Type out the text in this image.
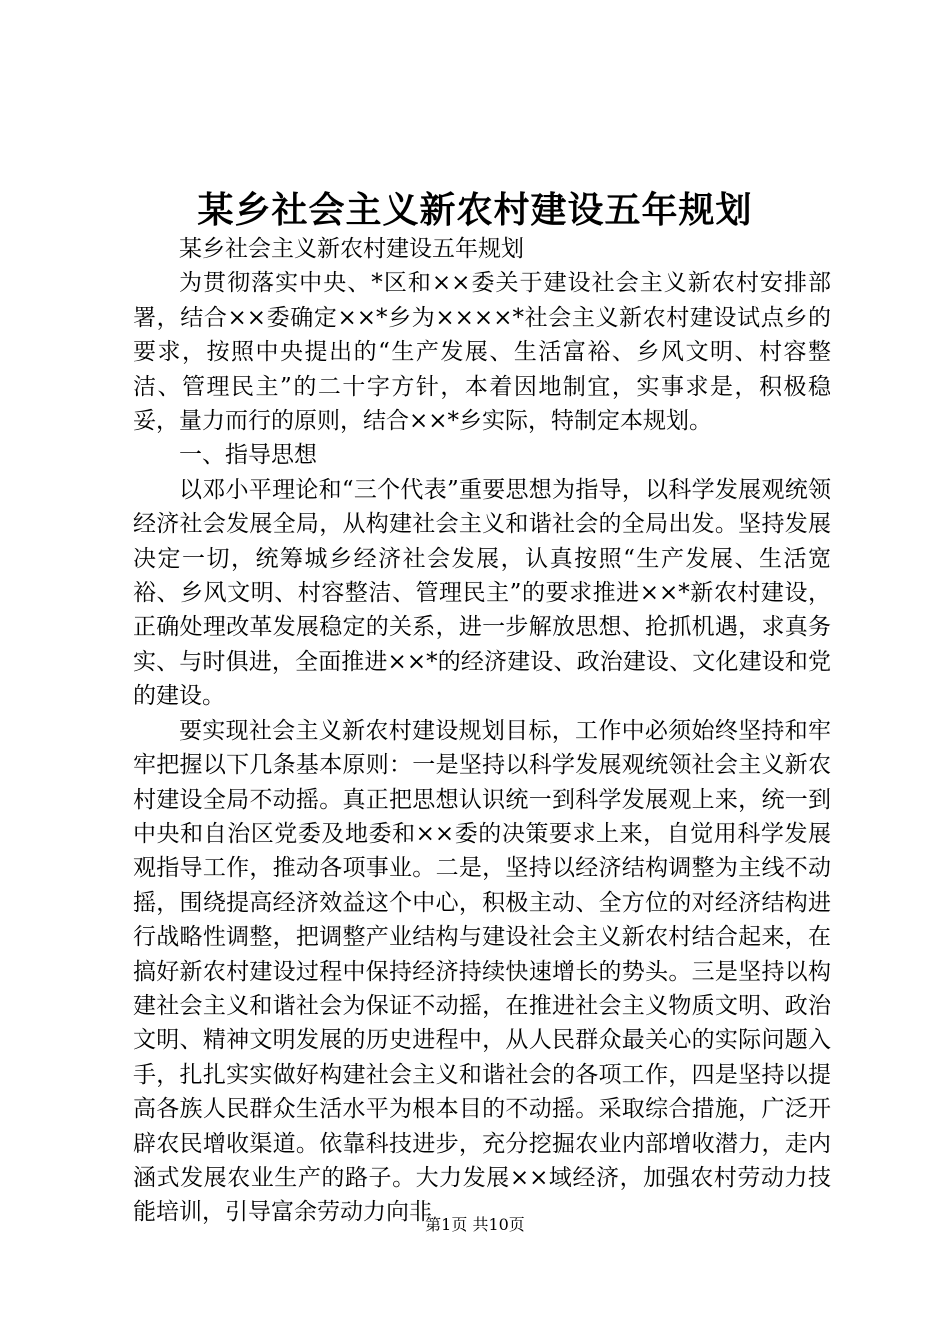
某乡社会主义新农村建设五年规划

某乡社会主义新农村建设五年规划

为贯彻落实中央、*区和××委关于建设社会主义新农村安排部署，结合××委确定××*乡为××××*社会主义新农村建设试点乡的要求，按照中央提出的“生产发展、生活富裕、乡风文明、村容整洁、管理民主”的二十字方针，本着因地制宜，实事求是，积极稳妥，量力而行的原则，结合××*乡实际，特制定本规划。

一、指导思想

以邓小平理论和“三个代表”重要思想为指导，以科学发展观统领经济社会发展全局，从构建社会主义和谐社会的全局出发。坚持发展决定一切，统筹城乡经济社会发展，认真按照“生产发展、生活宽裕、乡风文明、村容整洁、管理民主”的要求推进××*新农村建设，正确处理改革发展稳定的关系，进一步解放思想、抢抓机遇，求真务实、与时俱进，全面推进××*的经济建设、政治建设、文化建设和党的建设。

要实现社会主义新农村建设规划目标，工作中必须始终坚持和牢牢把握以下几条基本原则：一是坚持以科学发展观统领社会主义新农村建设全局不动摇。真正把思想认识统一到科学发展观上来，统一到中央和自治区党委及地委和××委的决策要求上来，自觉用科学发展观指导工作，推动各项事业。二是，坚持以经济结构调整为主线不动摇，围绕提高经济效益这个中心，积极主动、全方位的对经济结构进行战略性调整，把调整产业结构与建设社会主义新农村结合起来，在搞好新农村建设过程中保持经济持续快速增长的势头。三是坚持以构建社会主义和谐社会为保证不动摇，在推进社会主义物质文明、政治文明、精神文明发展的历史进程中，从人民群众最关心的实际问题入手，扎扎实实做好构建社会主义和谐社会的各项工作，四是坚持以提高各族人民群众生活水平为根本目的不动摇。采取综合措施，广泛开辟农民增收渠道。依靠科技进步，充分挖掘农业内部增收潜力，走内涵式发展农业生产的路子。大力发展××域经济，加强农村劳动力技能培训，引导富余劳动力向非

第1页 共10页
